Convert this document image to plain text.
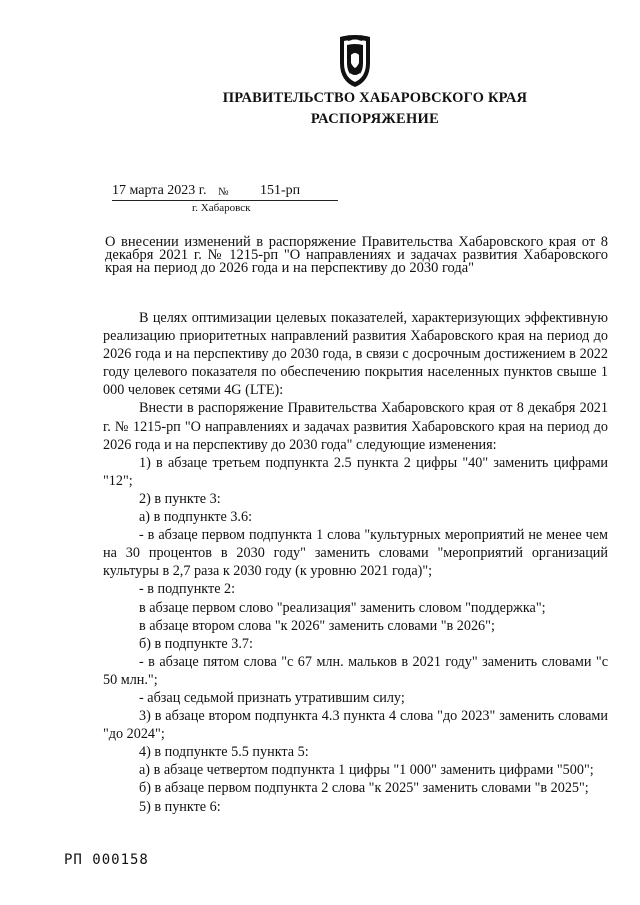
ПРАВИТЕЛЬСТВО ХАБАРОВСКОГО КРАЯ
РАСПОРЯЖЕНИЕ
17 марта 2023 г. № 151-рп
г. Хабаровск
О внесении изменений в распоряжение Правительства Хабаровского края от 8 декабря 2021 г. № 1215-рп "О направлениях и задачах развития Хабаровского края на период до 2026 года и на перспективу до 2030 года"

В целях оптимизации целевых показателей, характеризующих эффективную реализацию приоритетных направлений развития Хабаровского края на период до 2026 года и на перспективу до 2030 года, в связи с досрочным достижением в 2022 году целевого показателя по обеспечению покрытия населенных пунктов свыше 1 000 человек сетями 4G (LTE):

Внести в распоряжение Правительства Хабаровского края от 8 декабря 2021 г. № 1215-рп "О направлениях и задачах развития Хабаровского края на период до 2026 года и на перспективу до 2030 года" следующие изменения:

1) в абзаце третьем подпункта 2.5 пункта 2 цифры "40" заменить цифрами "12";

2) в пункте 3:

а) в подпункте 3.6:

- в абзаце первом подпункта 1 слова "культурных мероприятий не менее чем на 30 процентов в 2030 году" заменить словами "мероприятий организаций культуры в 2,7 раза к 2030 году (к уровню 2021 года)";

- в подпункте 2:

в абзаце первом слово "реализация" заменить словом "поддержка";

в абзаце втором слова "к 2026" заменить словами "в 2026";

б) в подпункте 3.7:

- в абзаце пятом слова "с 67 млн. мальков в 2021 году" заменить словами "с 50 млн.";

- абзац седьмой признать утратившим силу;

3) в абзаце втором подпункта 4.3 пункта 4 слова "до 2023" заменить словами "до 2024";

4) в подпункте 5.5 пункта 5:

а) в абзаце четвертом подпункта 1 цифры "1 000" заменить цифрами "500";

б) в абзаце первом подпункта 2 слова "к 2025" заменить словами "в 2025";

5) в пункте 6:

РП 000158
